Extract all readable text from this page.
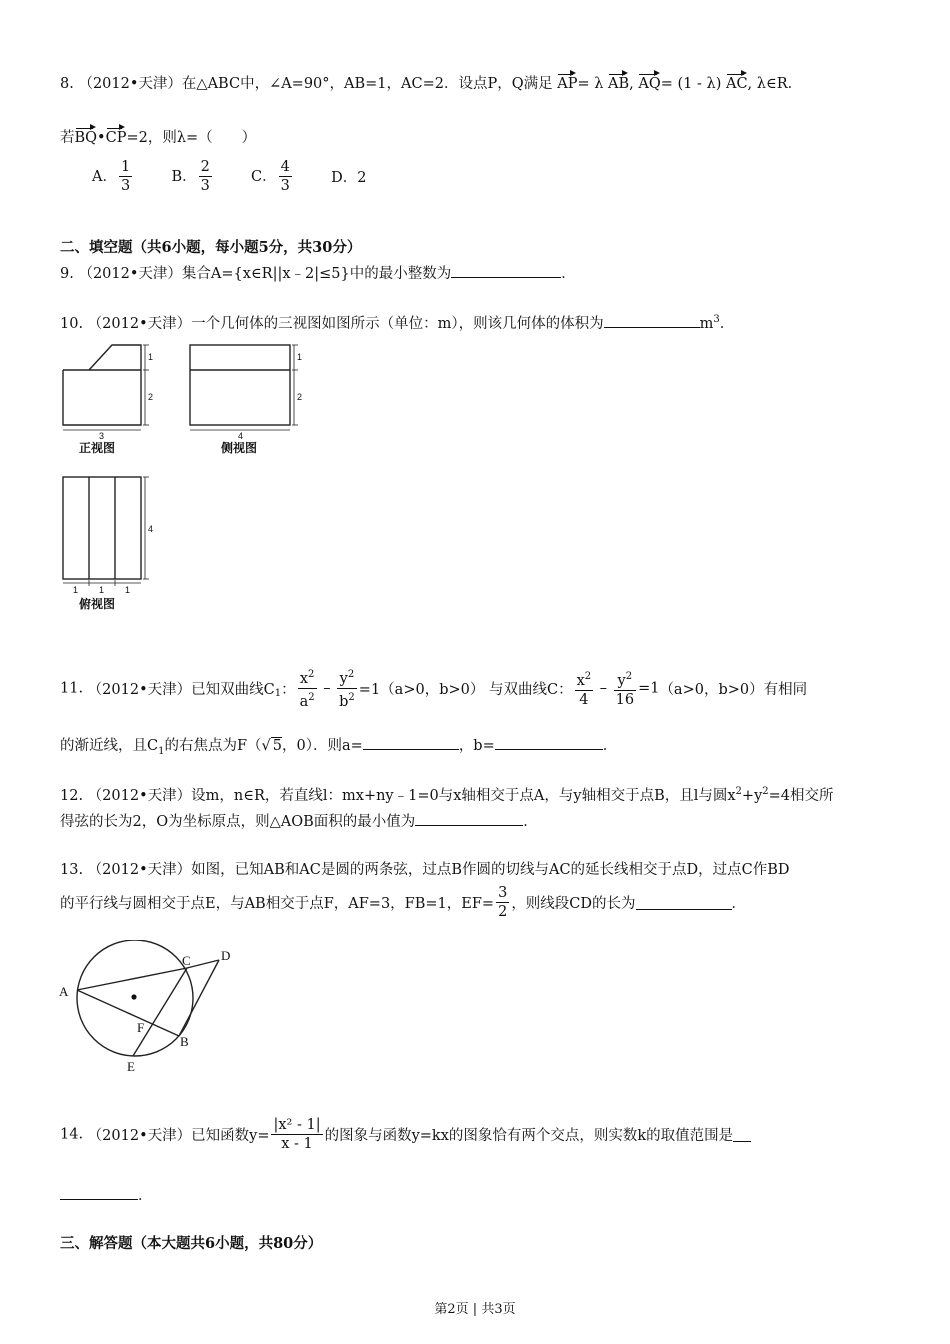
8. （2012•天津）在△ABC中，∠A=90°，AB=1，AC=2．设点P，Q满足 AP= λ AB, AQ= (1 - λ) AC, λ∈R．
若BQ•CP=2，则λ=（　　）
A． $\frac{1}{3}$	B． $\frac{2}{3}$	C． $\frac{4}{3}$	D．2
二、填空题（共6小题，每小题5分，共30分）
9. （2012•天津）集合A={x∈R||x﹣2|≤5}中的最小整数为	．
10. （2012•天津）一个几何体的三视图如图所示（单位：m），则该几何体的体积为	$m^3$．
1
2
3
1
2
4
4
1 1 1
正视图	侧视图
俯视图
11. （2012•天津）已知双曲线$C_1$： $\frac{x^2}{a^2} - \frac{y^2}{b^2} =1(a>0$，b>0） 与双曲线C： $\frac{x^2}{4} - \frac{y^2}{16} =1(a>0$，b>0）有相同
的渐近线，且$C_1$的右焦点为F（√ 5，0）．则a=	，b=	．
12. （2012•天津）设m，n∈R，若直线l：mx+ny﹣1=0与x轴相交于点A，与y轴相交于点B，且l与圆$x^2+y^2=4$相交所
得弦的长为2，O为坐标原点，则△AOB面积的最小值为	．
13. （2012•天津）如图，已知AB和AC是圆的两条弦，过点B作圆的切线与AC的延长线相交于点D，过点C作BD
的平行线与圆相交于点E，与AB相交于点F，AF=3，FB=1，$EF= \frac{3}{2}$ ，则线段CD的长为	．
A
C D
F
B
E
14. （2012•天津）已知函数$y= \frac{\text{|x² - 1|}}{x - 1}$ 的图象与函数y=kx的图象恰有两个交点，则实数k的取值范围是
．
三、解答题（本大题共6小题，共80分）
第2页 | 共3页
